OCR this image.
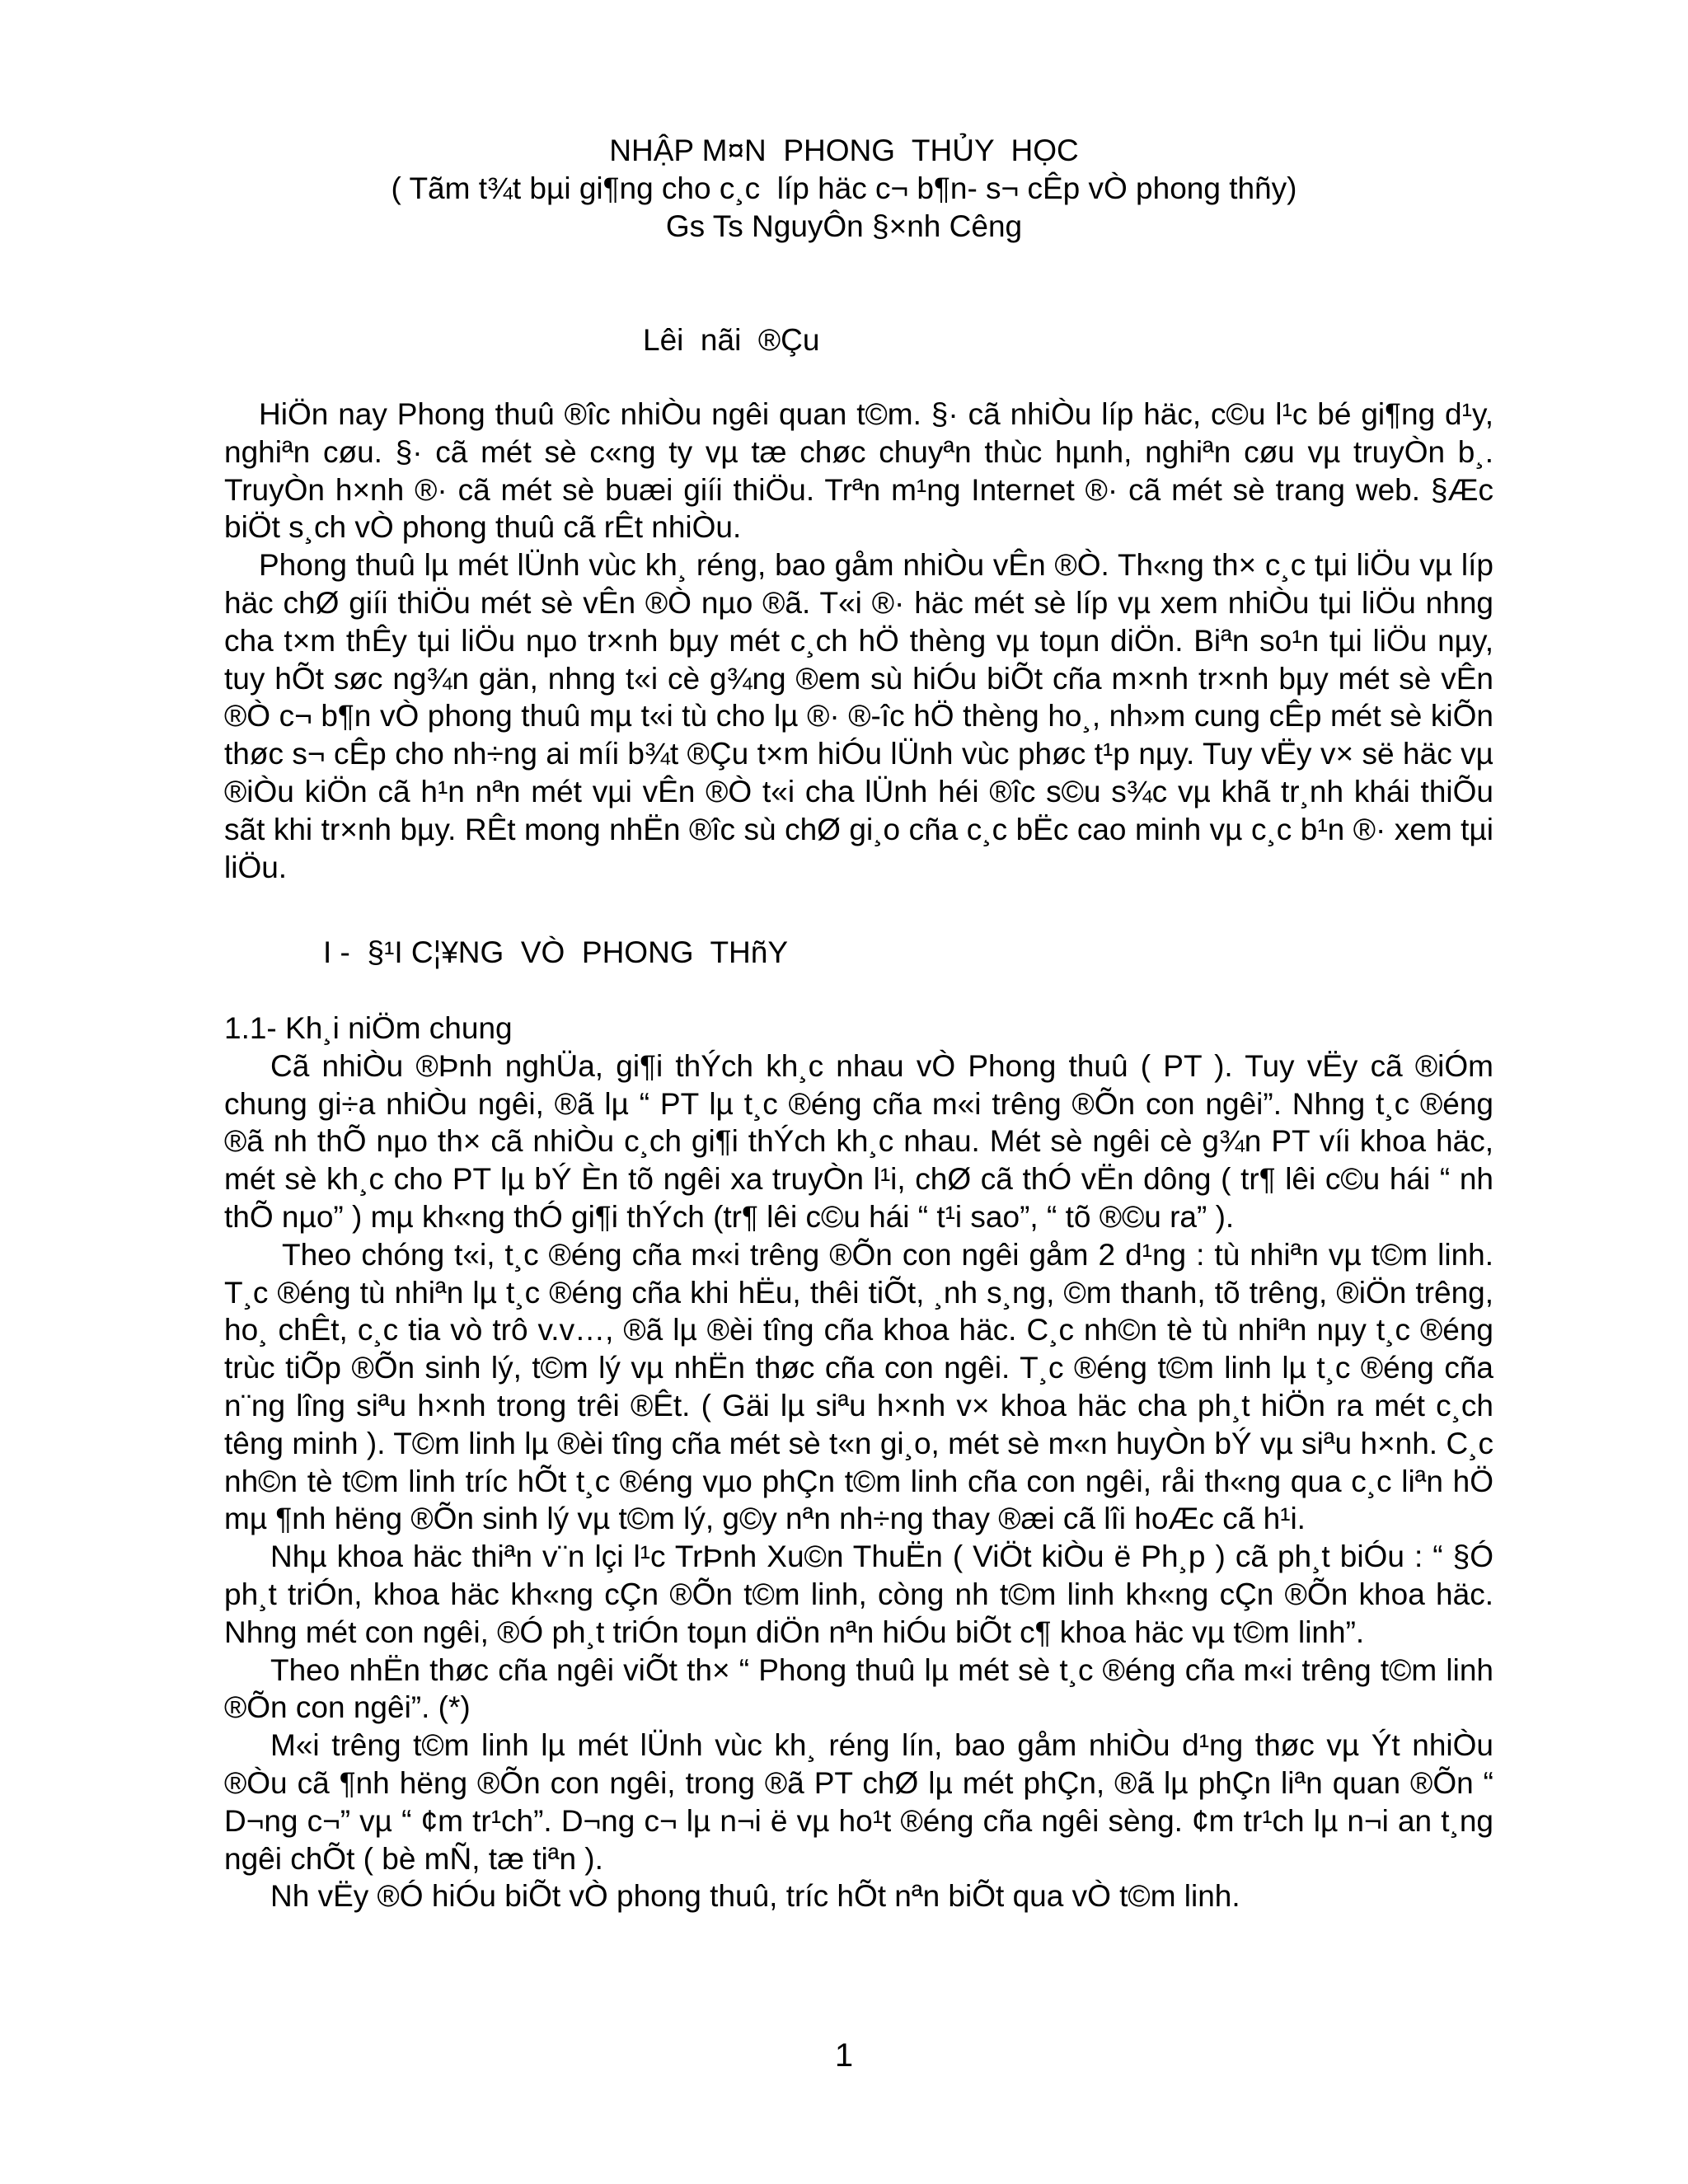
NHẬP M¤N  PHONG  THỦY  HỌC
( Tãm t¾t bµi gi¶ng cho c¸c  líp häc c¬ b¶n- s¬ cÊp vÒ phong thñy)
Gs Ts NguyÔn §×nh Cêng
Lêi  nãi  ®Çu

HiÖn nay Phong thuû ®îc nhiÒu ngêi quan t©m. §· cã nhiÒu líp häc, c©u l¹c bé gi¶ng d¹y, nghiªn cøu. §· cã mét sè c«ng ty vµ tæ chøc chuyªn thùc hµnh, nghiªn cøu vµ truyÒn b¸. TruyÒn h×nh ®· cã mét sè buæi giíi thiÖu. Trªn m¹ng Internet ®· cã mét sè trang web. §Æc biÖt s¸ch vÒ phong thuû cã rÊt nhiÒu.

Phong thuû lµ mét lÜnh vùc kh¸ réng, bao gåm nhiÒu vÊn ®Ò. Th«ng th× c¸c tµi liÖu vµ líp häc chØ giíi thiÖu mét sè vÊn ®Ò nµo ®ã. T«i ®· häc mét sè líp vµ xem nhiÒu tµi liÖu nhng cha t×m thÊy tµi liÖu nµo tr×nh bµy mét c¸ch hÖ thèng vµ toµn diÖn. Biªn so¹n tµi liÖu nµy, tuy hÕt søc ng¾n gän, nhng t«i cè g¾ng ®em sù hiÓu biÕt cña m×nh tr×nh bµy mét sè vÊn ®Ò c¬ b¶n vÒ phong thuû mµ t«i tù cho lµ ®· ®-îc hÖ thèng ho¸, nh»m cung cÊp mét sè kiÕn thøc s¬ cÊp cho nh÷ng ai míi b¾t ®Çu t×m hiÓu lÜnh vùc phøc t¹p nµy. Tuy vËy v× së häc vµ ®iÒu kiÖn cã h¹n nªn mét vµi vÊn ®Ò t«i cha lÜnh héi ®îc s©u s¾c vµ khã tr¸nh khái thiÕu sãt khi tr×nh bµy. RÊt mong nhËn ®îc sù chØ gi¸o cña c¸c bËc cao minh vµ c¸c b¹n ®· xem tµi liÖu.

I -  §¹I C¦¥NG  VÒ  PHONG  THñY

1.1- Kh¸i niÖm chung

Cã nhiÒu ®Þnh nghÜa, gi¶i thÝch kh¸c nhau vÒ Phong thuû ( PT ). Tuy vËy cã ®iÓm chung gi÷a nhiÒu ngêi, ®ã lµ “ PT lµ t¸c ®éng cña m«i trêng ®Õn con ngêi”. Nhng t¸c ®éng ®ã nh thÕ nµo th× cã nhiÒu c¸ch gi¶i thÝch kh¸c nhau. Mét sè ngêi cè g¾n PT víi khoa häc, mét sè kh¸c cho PT lµ bÝ Èn tõ ngêi xa truyÒn l¹i, chØ cã thÓ vËn dông ( tr¶ lêi c©u hái “ nh thÕ nµo” ) mµ kh«ng thÓ gi¶i thÝch (tr¶ lêi c©u hái “ t¹i sao”, “ tõ ®©u ra” ).

Theo chóng t«i, t¸c ®éng cña m«i trêng ®Õn con ngêi gåm 2 d¹ng : tù nhiªn vµ t©m linh. T¸c ®éng tù nhiªn lµ t¸c ®éng cña khi hËu, thêi tiÕt, ¸nh s¸ng, ©m thanh, tõ trêng, ®iÖn trêng, ho¸ chÊt, c¸c tia vò trô v.v…, ®ã lµ ®èi tîng cña khoa häc. C¸c nh©n tè tù nhiªn nµy t¸c ®éng trùc tiÕp ®Õn sinh lý, t©m lý vµ nhËn thøc cña con ngêi. T¸c ®éng t©m linh lµ t¸c ®éng cña n¨ng lîng siªu h×nh trong trêi ®Êt. ( Gäi lµ siªu h×nh v× khoa häc cha ph¸t hiÖn ra mét c¸ch têng minh ). T©m linh lµ ®èi tîng cña mét sè t«n gi¸o, mét sè m«n huyÒn bÝ vµ siªu h×nh. C¸c nh©n tè t©m linh tríc hÕt t¸c ®éng vµo phÇn t©m linh cña con ngêi, råi th«ng qua c¸c liªn hÖ mµ ¶nh hëng ®Õn sinh lý vµ t©m lý, g©y nªn nh÷ng thay ®æi cã lîi hoÆc cã h¹i.

Nhµ khoa häc thiªn v¨n lçi l¹c TrÞnh Xu©n ThuËn ( ViÖt kiÒu ë Ph¸p ) cã ph¸t biÓu : “ §Ó ph¸t triÓn, khoa häc kh«ng cÇn ®Õn t©m linh, còng nh t©m linh kh«ng cÇn ®Õn khoa häc. Nhng mét con ngêi, ®Ó ph¸t triÓn toµn diÖn nªn hiÓu biÕt c¶ khoa häc vµ t©m linh”.

Theo nhËn thøc cña ngêi viÕt th× “ Phong thuû lµ mét sè t¸c ®éng cña m«i trêng t©m linh ®Õn con ngêi”. (*)

M«i trêng t©m linh lµ mét lÜnh vùc kh¸ réng lín, bao gåm nhiÒu d¹ng thøc vµ Ýt nhiÒu ®Òu cã ¶nh hëng ®Õn con ngêi, trong ®ã PT chØ lµ mét phÇn, ®ã lµ phÇn liªn quan ®Õn “ D¬ng c¬” vµ “ ¢m tr¹ch”. D¬ng c¬ lµ n¬i ë vµ ho¹t ®éng cña ngêi sèng. ¢m tr¹ch lµ n¬i an t¸ng ngêi chÕt ( bè mÑ, tæ tiªn ).

Nh vËy ®Ó hiÓu biÕt vÒ phong thuû, tríc hÕt nªn biÕt qua vÒ t©m linh.

1
